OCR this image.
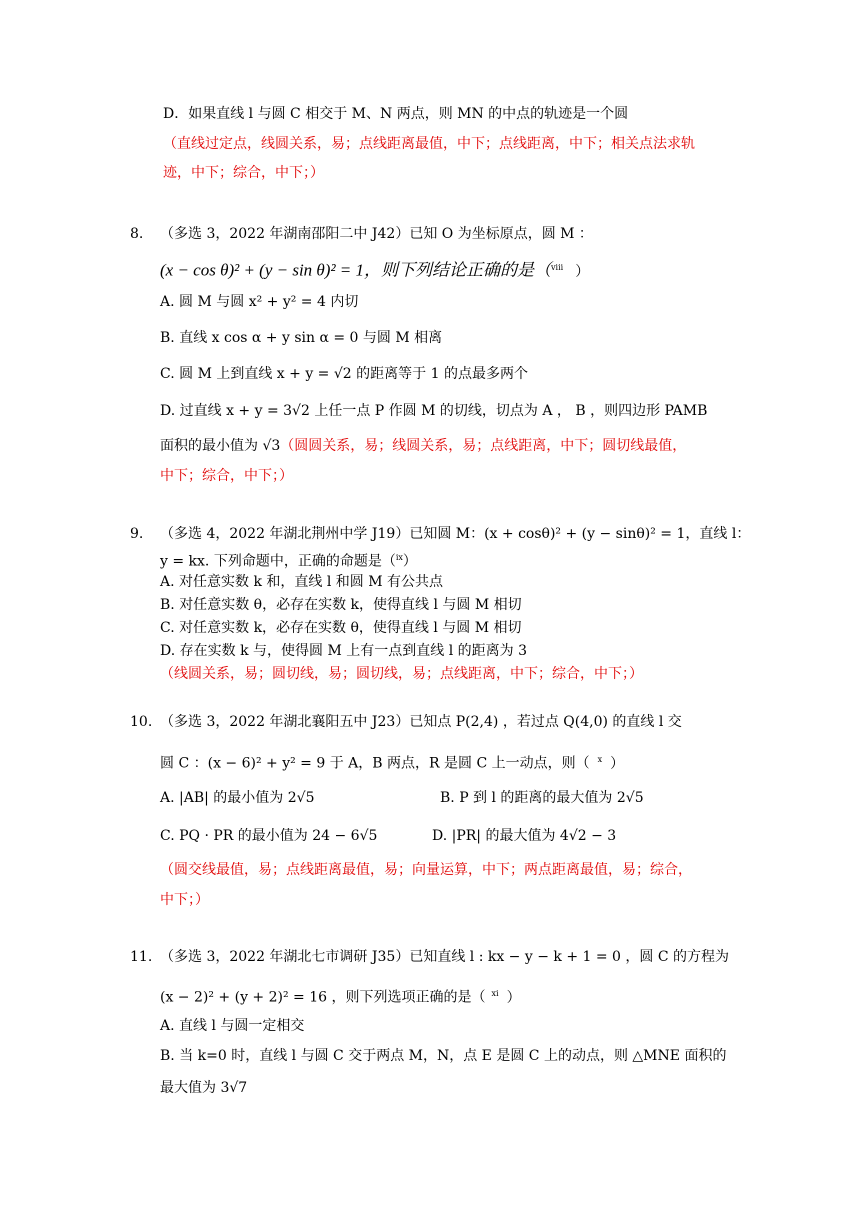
D．如果直线 l 与圆 C 相交于 M、N 两点，则 MN 的中点的轨迹是一个圆
（直线过定点，线圆关系，易；点线距离最值，中下；点线距离，中下；相关点法求轨
迹，中下；综合，中下；）
8. （多选 3，2022 年湖南邵阳二中 J42）已知 O 为坐标原点，圆 M ：
(x − cos θ)² + (y − sin θ)² = 1，则下列结论正确的是（$^{viii}$ ）
A. 圆 M 与圆 x² + y² = 4 内切
B. 直线 x cos α + y sin α = 0 与圆 M 相离
C. 圆 M 上到直线 x + y = √2 的距离等于 1 的点最多两个
D. 过直线 x + y = 3√2 上任一点 P 作圆 M 的切线，切点为 A ， B ，则四边形 PAMB
面积的最小值为 √3（圆圆关系，易；线圆关系，易；点线距离，中下；圆切线最值，
中下；综合，中下；）
9. （多选 4，2022 年湖北荆州中学 J19）已知圆 M：(x + cosθ)² + (y − sinθ)² = 1，直线 l：
y = kx. 下列命题中，正确的命题是（$^{ix}$）
A. 对任意实数 k 和，直线 l 和圆 M 有公共点
B. 对任意实数 θ，必存在实数 k，使得直线 l 与圆 M 相切
C. 对任意实数 k，必存在实数 θ，使得直线 l 与圆 M 相切
D. 存在实数 k 与，使得圆 M 上有一点到直线 l 的距离为 3
（线圆关系，易；圆切线，易；圆切线，易；点线距离，中下；综合，中下；）
10. （多选 3，2022 年湖北襄阳五中 J23）已知点 P(2,4) ，若过点 Q(4,0) 的直线 l 交
圆 C ：(x − 6)² + y² = 9 于 A，B 两点，R 是圆 C 上一动点，则（ $^x$ ）
A. |AB| 的最小值为 2√5	B. P 到 l 的距离的最大值为 2√5
C. PQ · PR 的最小值为 24 − 6√5	D. |PR| 的最大值为 4√2 − 3
（圆交线最值，易；点线距离最值，易；向量运算，中下；两点距离最值，易；综合，
中下；）
11. （多选 3，2022 年湖北七市调研 J35）已知直线 l : kx − y − k + 1 = 0 ，圆 C 的方程为
(x − 2)² + (y + 2)² = 16 ，则下列选项正确的是（ $^{xi}$ ）
A. 直线 l 与圆一定相交
B. 当 k=0 时，直线 l 与圆 C 交于两点 M，N，点 E 是圆 C 上的动点，则 △MNE 面积的
最大值为 3√7
